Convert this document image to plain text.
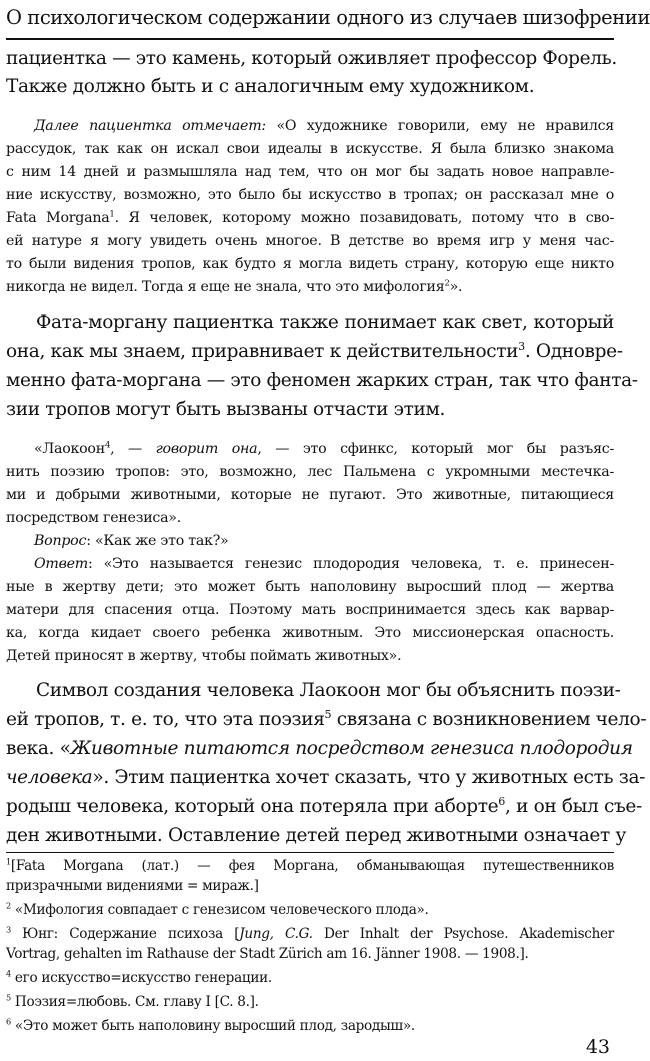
О психологическом содержании одного из случаев шизофрении
пациентка — это камень, который оживляет профессор Форель.
Также должно быть и с аналогичным ему художником.
Далее пациентка отмечает: «О художнике говорили, ему не нравился
рассудок, так как он искал свои идеалы в искусстве. Я была близко знакома
с ним 14 дней и размышляла над тем, что он мог бы задать новое направле-
ние искусству, возможно, это было бы искусство в тропах; он рассказал мне о
Fata Morgana$^1$. Я человек, которому можно позавидовать, потому что в сво-
ей натуре я могу увидеть очень многое. В детстве во время игр у меня час-
то были видения тропов, как будто я могла видеть страну, которую еще никто
никогда не видел. Тогда я еще не знала, что это мифология$^2$».
Фата-моргану пациентка также понимает как свет, который
она, как мы знаем, приравнивает к действительности$^3$. Одновре-
менно фата-моргана — это феномен жарких стран, так что фанта-
зии тропов могут быть вызваны отчасти этим.
«Лаокоон$^4$, — говорит она, — это сфинкс, который мог бы разъяс-
нить поэзию тропов: это, возможно, лес Пальмена с укромными местечка-
ми и добрыми животными, которые не пугают. Это животные, питающиеся
посредством генезиса».
Вопрос: «Как же это так?»
Ответ: «Это называется генезис плодородия человека, т. е. принесен-
ные в жертву дети; это может быть наполовину выросший плод — жертва
матери для спасения отца. Поэтому мать воспринимается здесь как варвар-
ка, когда кидает своего ребенка животным. Это миссионерская опасность.
Детей приносят в жертву, чтобы поймать животных».
Символ создания человека Лаокоон мог бы объяснить поэзи-
ей тропов, т. е. то, что эта поэзия$^5$ связана с возникновением чело-
века. «Животные питаются посредством генезиса плодородия
человека». Этим пациентка хочет сказать, что у животных есть за-
родыш человека, который она потеряла при аборте$^6$, и он был съе-
ден животными. Оставление детей перед животными означает у
$^1$[Fata Morgana (лат.) — фея Моргана, обманывающая путешественников
призрачными видениями = мираж.]
$^2$ «Мифология совпадает с генезисом человеческого плода».
$^3$ Юнг: Содержание психоза [Jung, C.G. Der Inhalt der Psychose. Akademischer
Vortrag, gehalten im Rathause der Stadt Zürich am 16. Jänner 1908. — 1908.].
$^4$ его искусство=искусство генерации.
$^5$ Поэзия=любовь. См. главу I [C. 8.].
$^6$ «Это может быть наполовину выросший плод, зародыш».
43
